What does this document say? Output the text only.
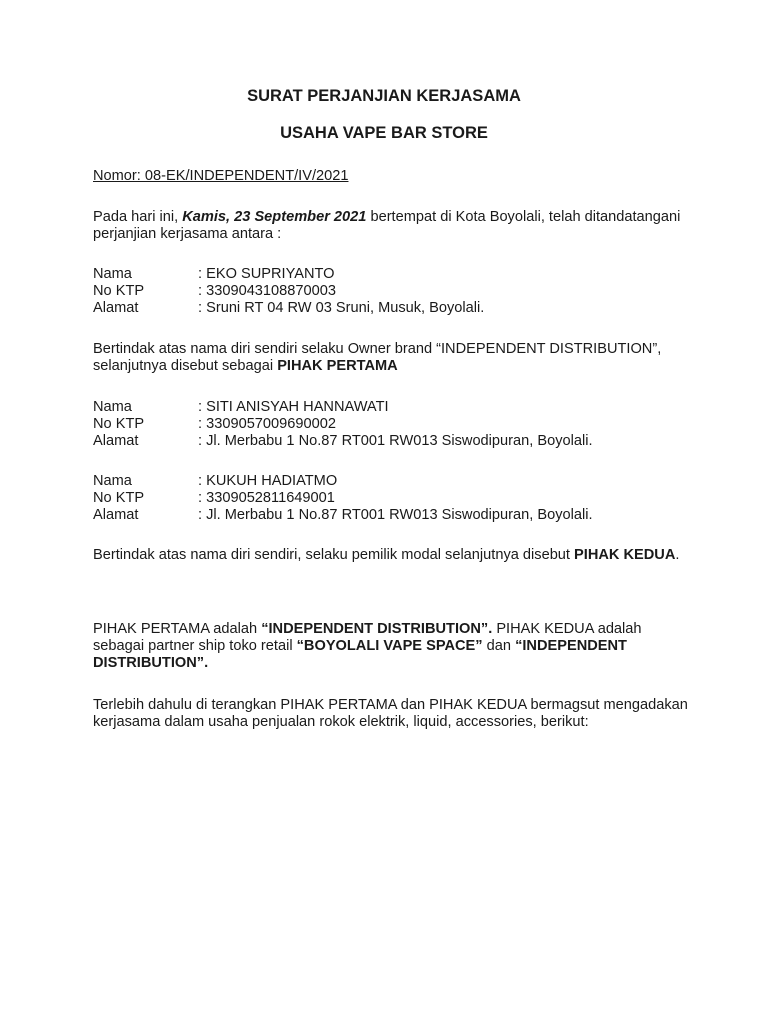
SURAT PERJANJIAN KERJASAMA
USAHA VAPE BAR STORE
Nomor: 08-EK/INDEPENDENT/IV/2021
Pada hari ini, Kamis, 23 September 2021 bertempat di Kota Boyolali, telah ditandatangani perjanjian kerjasama antara :
Nama	: EKO SUPRIYANTO
No KTP	: 3309043108870003
Alamat	: Sruni RT 04 RW 03 Sruni, Musuk, Boyolali.
Bertindak atas nama diri sendiri selaku Owner brand “INDEPENDENT DISTRIBUTION”, selanjutnya disebut sebagai PIHAK PERTAMA
Nama	: SITI ANISYAH HANNAWATI
No KTP	: 3309057009690002
Alamat	: Jl. Merbabu 1 No.87 RT001 RW013 Siswodipuran, Boyolali.
Nama	: KUKUH HADIATMO
No KTP	: 3309052811649001
Alamat	: Jl. Merbabu 1 No.87 RT001 RW013 Siswodipuran, Boyolali.
Bertindak atas nama diri sendiri, selaku pemilik modal selanjutnya disebut PIHAK KEDUA.
PIHAK PERTAMA adalah “INDEPENDENT DISTRIBUTION”. PIHAK KEDUA adalah sebagai partner ship toko retail “BOYOLALI VAPE SPACE” dan “INDEPENDENT DISTRIBUTION”.
Terlebih dahulu di terangkan PIHAK PERTAMA dan PIHAK KEDUA bermagsut mengadakan kerjasama dalam usaha penjualan rokok elektrik, liquid, accessories, berikut:
